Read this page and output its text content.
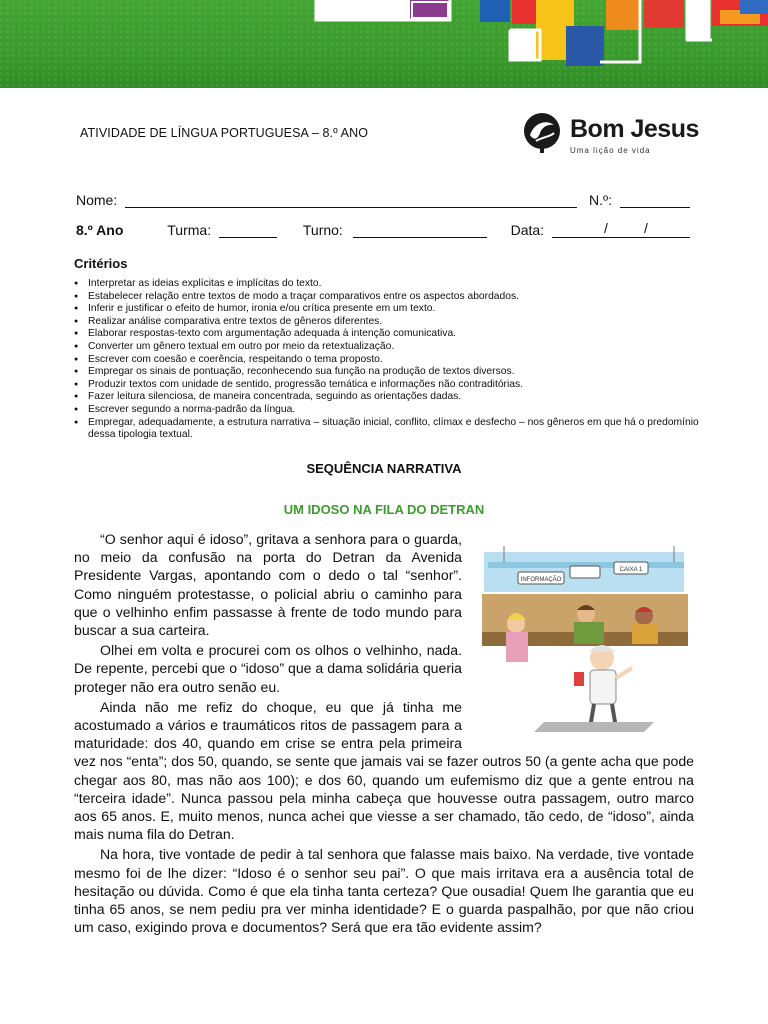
ATIVIDADE DE LÍNGUA PORTUGUESA – 8.º ANO	Bom Jesus
Uma lição de vida
Nome:	N.º:
8.º Ano	Turma:	Turno:	Data:	/	/
Critérios
● Interpretar as ideias explícitas e implícitas do texto.
● Estabelecer relação entre textos de modo a traçar comparativos entre os aspectos abordados.
● Inferir e justificar o efeito de humor, ironia e/ou crítica presente em um texto.
● Realizar análise comparativa entre textos de gêneros diferentes.
● Elaborar respostas-texto com argumentação adequada à intenção comunicativa.
● Converter um gênero textual em outro por meio da retextualização.
● Escrever com coesão e coerência, respeitando o tema proposto.
● Empregar os sinais de pontuação, reconhecendo sua função na produção de textos diversos.
● Produzir textos com unidade de sentido, progressão temática e informações não contraditórias.
● Fazer leitura silenciosa, de maneira concentrada, seguindo as orientações dadas.
● Escrever segundo a norma-padrão da língua.
● Empregar, adequadamente, a estrutura narrativa – situação inicial, conflito, clímax e desfecho – nos gêneros em que há o predomínio dessa tipologia textual.
SEQUÊNCIA NARRATIVA
UM IDOSO NA FILA DO DETRAN
INFORMAÇÃO
CAIXA 1

“O senhor aqui é idoso”, gritava a senhora para o guarda, no meio da confusão na porta do Detran da Avenida Presidente Vargas, apontando com o dedo o tal “senhor”. Como ninguém protestasse, o policial abriu o caminho para que o velhinho enfim passasse à frente de todo mundo para buscar a sua carteira.

Olhei em volta e procurei com os olhos o velhinho, nada. De repente, percebi que o “idoso” que a dama solidária queria proteger não era outro senão eu.

Ainda não me refiz do choque, eu que já tinha me acostumado a vários e traumáticos ritos de passagem para a maturidade: dos 40, quando em crise se entra pela primeira vez nos “enta”; dos 50, quando, se sente que jamais vai se fazer outros 50 (a gente acha que pode chegar aos 80, mas não aos 100); e dos 60, quando um eufemismo diz que a gente entrou na “terceira idade”. Nunca passou pela minha cabeça que houvesse outra passagem, outro marco aos 65 anos. E, muito menos, nunca achei que viesse a ser chamado, tão cedo, de “idoso”, ainda mais numa fila do Detran.

Na hora, tive vontade de pedir à tal senhora que falasse mais baixo. Na verdade, tive vontade mesmo foi de lhe dizer: “Idoso é o senhor seu pai”. O que mais irritava era a ausência total de hesitação ou dúvida. Como é que ela tinha tanta certeza? Que ousadia! Quem lhe garantia que eu tinha 65 anos, se nem pediu pra ver minha identidade? E o guarda paspalhão, por que não criou um caso, exigindo prova e documentos? Será que era tão evidente assim?
